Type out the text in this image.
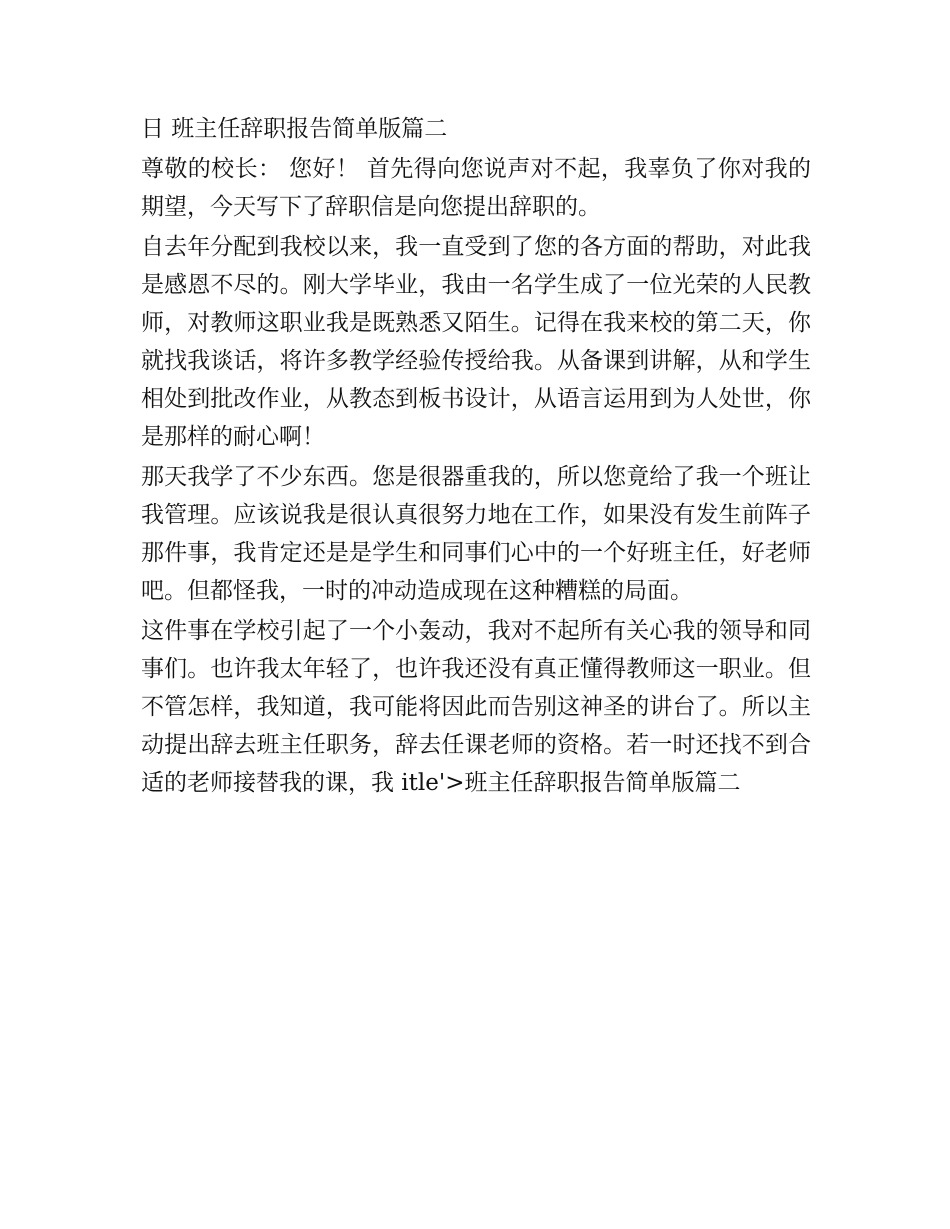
日 班主任辞职报告简单版篇二

尊敬的校长： 您好！ 首先得向您说声对不起，我辜负了你对我的期望，今天写下了辞职信是向您提出辞职的。

自去年分配到我校以来，我一直受到了您的各方面的帮助，对此我是感恩不尽的。刚大学毕业，我由一名学生成了一位光荣的人民教师，对教师这职业我是既熟悉又陌生。记得在我来校的第二天，你就找我谈话，将许多教学经验传授给我。从备课到讲解，从和学生相处到批改作业，从教态到板书设计，从语言运用到为人处世，你是那样的耐心啊！

那天我学了不少东西。您是很器重我的，所以您竟给了我一个班让我管理。应该说我是很认真很努力地在工作，如果没有发生前阵子那件事，我肯定还是是学生和同事们心中的一个好班主任，好老师吧。但都怪我，一时的冲动造成现在这种糟糕的局面。

这件事在学校引起了一个小轰动，我对不起所有关心我的领导和同事们。也许我太年轻了，也许我还没有真正懂得教师这一职业。但不管怎样，我知道，我可能将因此而告别这神圣的讲台了。所以主动提出辞去班主任职务，辞去任课老师的资格。若一时还找不到合适的老师接替我的课，我 itle'>班主任辞职报告简单版篇二
